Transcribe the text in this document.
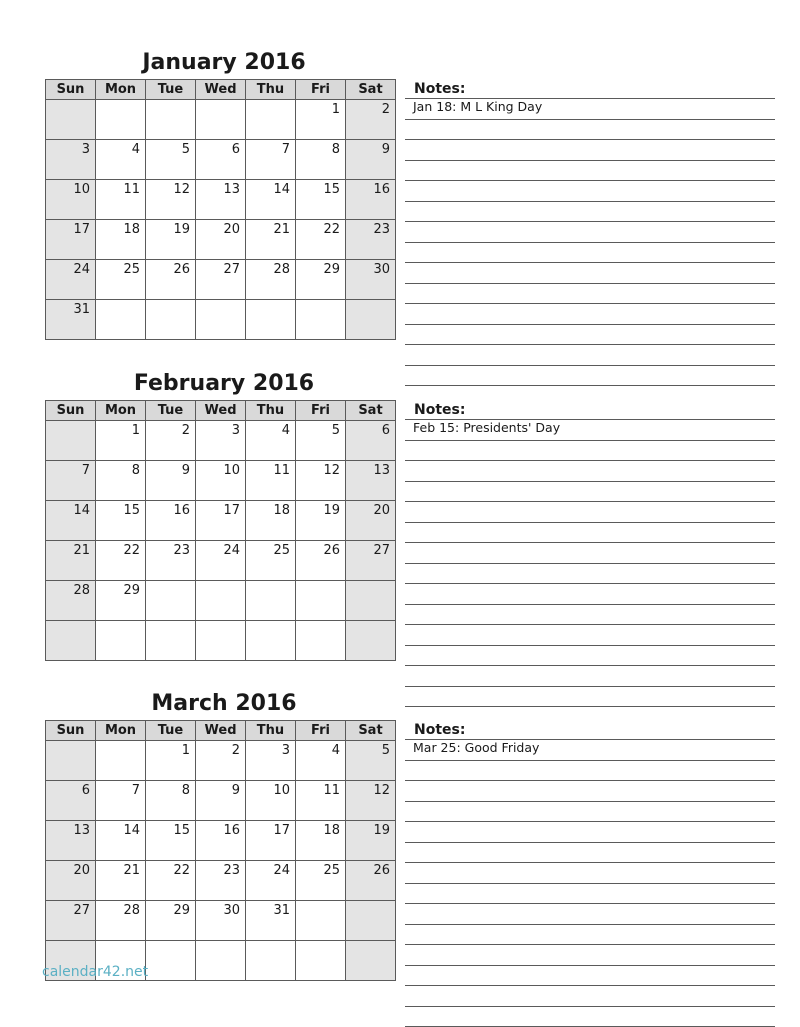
January 2016
Sun	Mon	Tue	Wed	Thu	Fri	Sat

					1	2

3	4	5	6	7	8	9

10	11	12	13	14	15	16

17	18	19	20	21	22	23

24	25	26	27	28	29	30

31						

Notes:
Jan 18: M L King Day
February 2016
Sun	Mon	Tue	Wed	Thu	Fri	Sat

	1	2	3	4	5	6

7	8	9	10	11	12	13

14	15	16	17	18	19	20

21	22	23	24	25	26	27

28	29					

Notes:
Feb 15: Presidents' Day
March 2016
Sun	Mon	Tue	Wed	Thu	Fri	Sat

		1	2	3	4	5

6	7	8	9	10	11	12

13	14	15	16	17	18	19

20	21	22	23	24	25	26

27	28	29	30	31		

Notes:
Mar 25: Good Friday
calendar42.net
